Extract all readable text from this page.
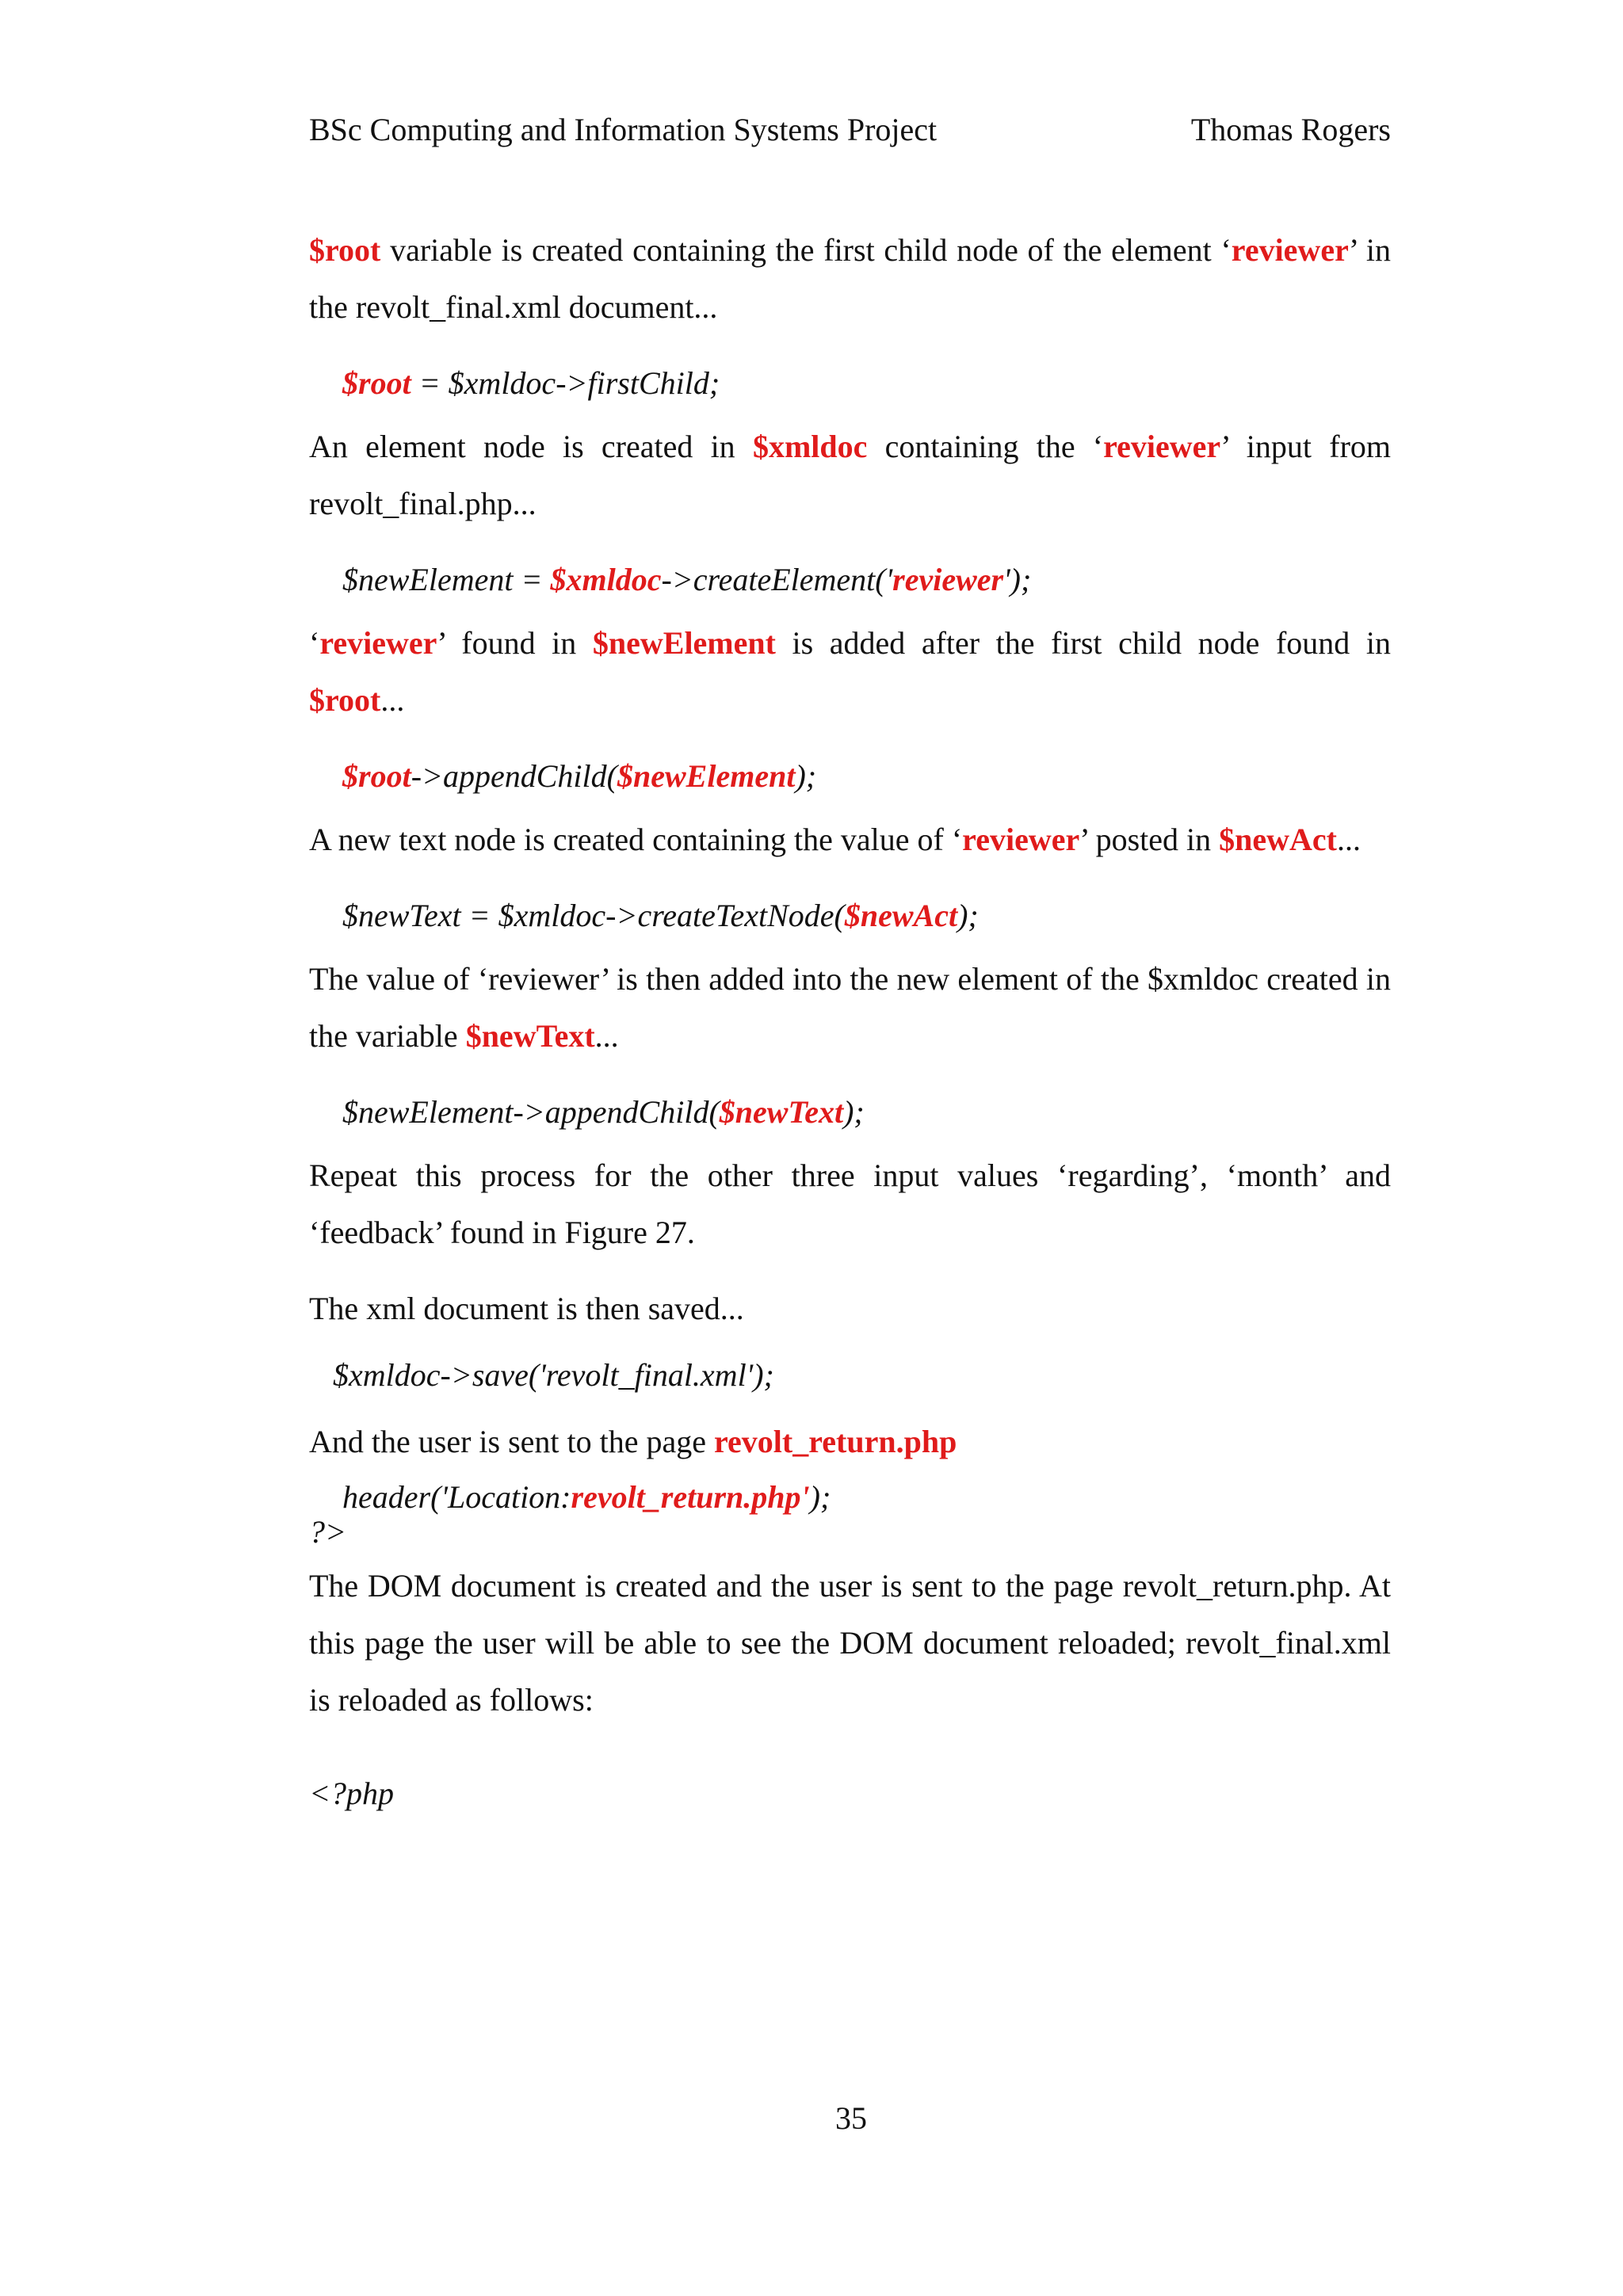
BSc Computing and Information Systems Project	Thomas Rogers

$root variable is created containing the first child node of the element ‘reviewer’ in the revolt_final.xml document...

$root = $xmldoc->firstChild;

An element node is created in $xmldoc containing the ‘reviewer’ input from revolt_final.php...

$newElement = $xmldoc->createElement('reviewer');

‘reviewer’ found in $newElement is added after the first child node found in $root...

$root->appendChild($newElement);

A new text node is created containing the value of ‘reviewer’ posted in $newAct...

$newText = $xmldoc->createTextNode($newAct);

The value of ‘reviewer’ is then added into the new element of the $xmldoc created in the variable $newText...

$newElement->appendChild($newText);

Repeat this process for the other three input values ‘regarding’, ‘month’ and ‘feedback’ found in Figure 27.

The xml document is then saved...

$xmldoc->save('revolt_final.xml');

And the user is sent to the page revolt_return.php

header('Location:revolt_return.php');

?>

The DOM document is created and the user is sent to the page revolt_return.php. At this page the user will be able to see the DOM document reloaded; revolt_final.xml is reloaded as follows:

<?php

35
